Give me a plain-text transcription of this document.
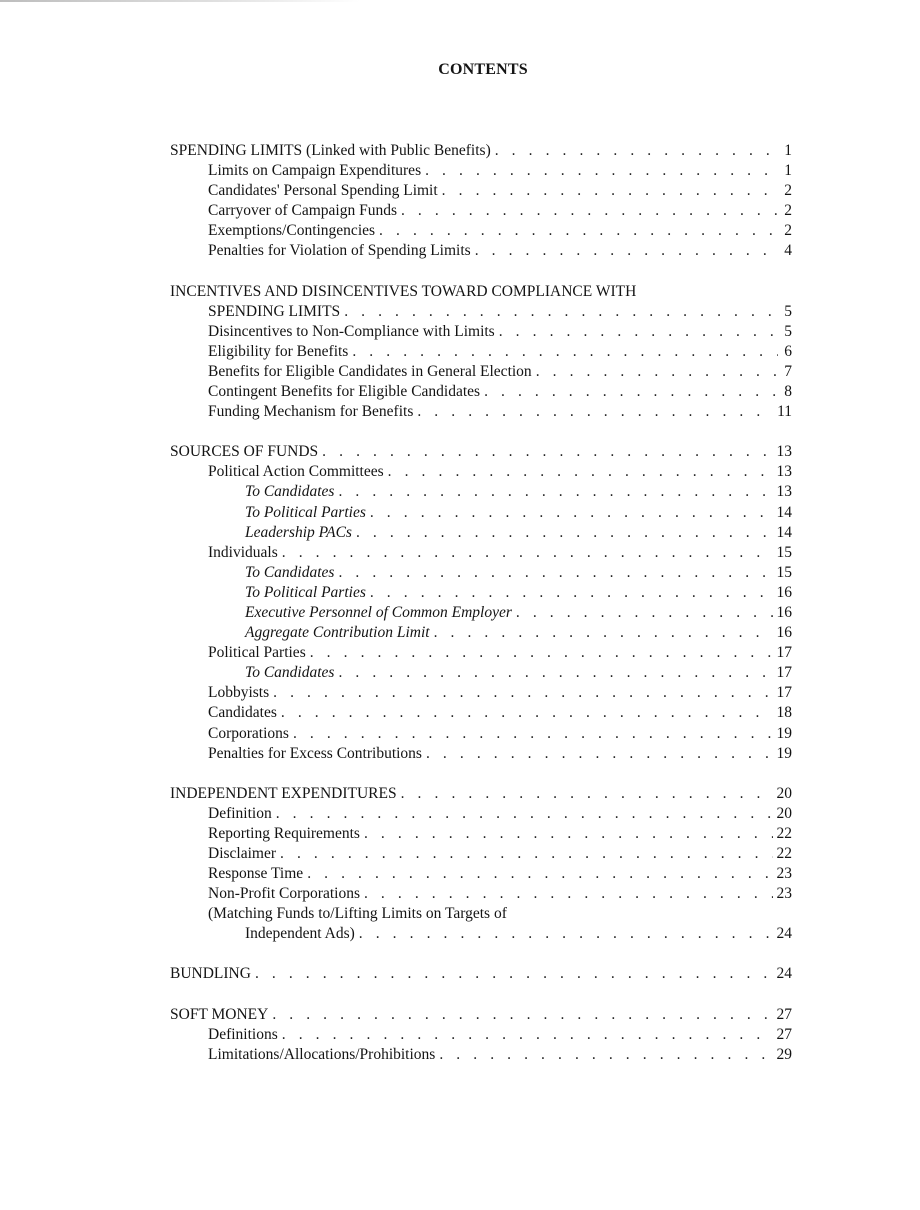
CONTENTS
SPENDING LIMITS (Linked with Public Benefits) . . .	1
Limits on Campaign Expenditures . . .	1
Candidates' Personal Spending Limit . . .	2
Carryover of Campaign Funds . . .	2
Exemptions/Contingencies . . .	2
Penalties for Violation of Spending Limits . . .	4
INCENTIVES AND DISINCENTIVES TOWARD COMPLIANCE WITH
SPENDING LIMITS . . .	5
Disincentives to Non-Compliance with Limits . . .	5
Eligibility for Benefits . . .	6
Benefits for Eligible Candidates in General Election . . .	7
Contingent Benefits for Eligible Candidates . . .	8
Funding Mechanism for Benefits . . .	11
SOURCES OF FUNDS . . .	13
Political Action Committees . . .	13
To Candidates . . .	13
To Political Parties . . .	14
Leadership PACs . . .	14
Individuals . . .	15
To Candidates . . .	15
To Political Parties . . .	16
Executive Personnel of Common Employer . . .	16
Aggregate Contribution Limit . . .	16
Political Parties . . .	17
To Candidates . . .	17
Lobbyists . . .	17
Candidates . . .	18
Corporations . . .	19
Penalties for Excess Contributions . . .	19
INDEPENDENT EXPENDITURES . . .	20
Definition . . .	20
Reporting Requirements . . .	22
Disclaimer . . .	22
Response Time . . .	23
Non-Profit Corporations . . .	23
(Matching Funds to/Lifting Limits on Targets of
Independent Ads) . . .	24
BUNDLING . . .	24
SOFT MONEY . . .	27
Definitions . . .	27
Limitations/Allocations/Prohibitions . . .	29
